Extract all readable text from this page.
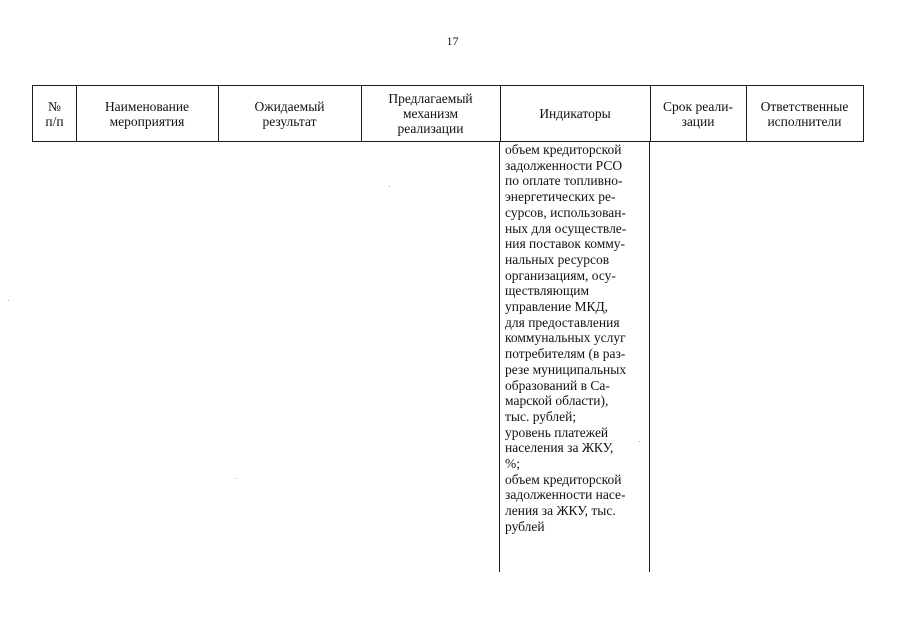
17
№
п/п
Наименование
мероприятия
Ожидаемый
результат
Предлагаемый
механизм
реализации
Индикаторы	Срок реали-
зации
Ответственные
исполнители

объем кредиторской

задолженности РСО

по оплате топливно-

энергетических ре-

сурсов, использован-

ных для осуществле-

ния поставок комму-

нальных ресурсов

организациям, осу-

ществляющим

управление МКД,

для предоставления

коммунальных услуг

потребителям (в раз-

резе муниципальных

образований в Са-

марской области),

тыс. рублей;

уровень платежей

населения за ЖКУ,

%;

объем кредиторской

задолженности насе-

ления за ЖКУ, тыс.

рублей
